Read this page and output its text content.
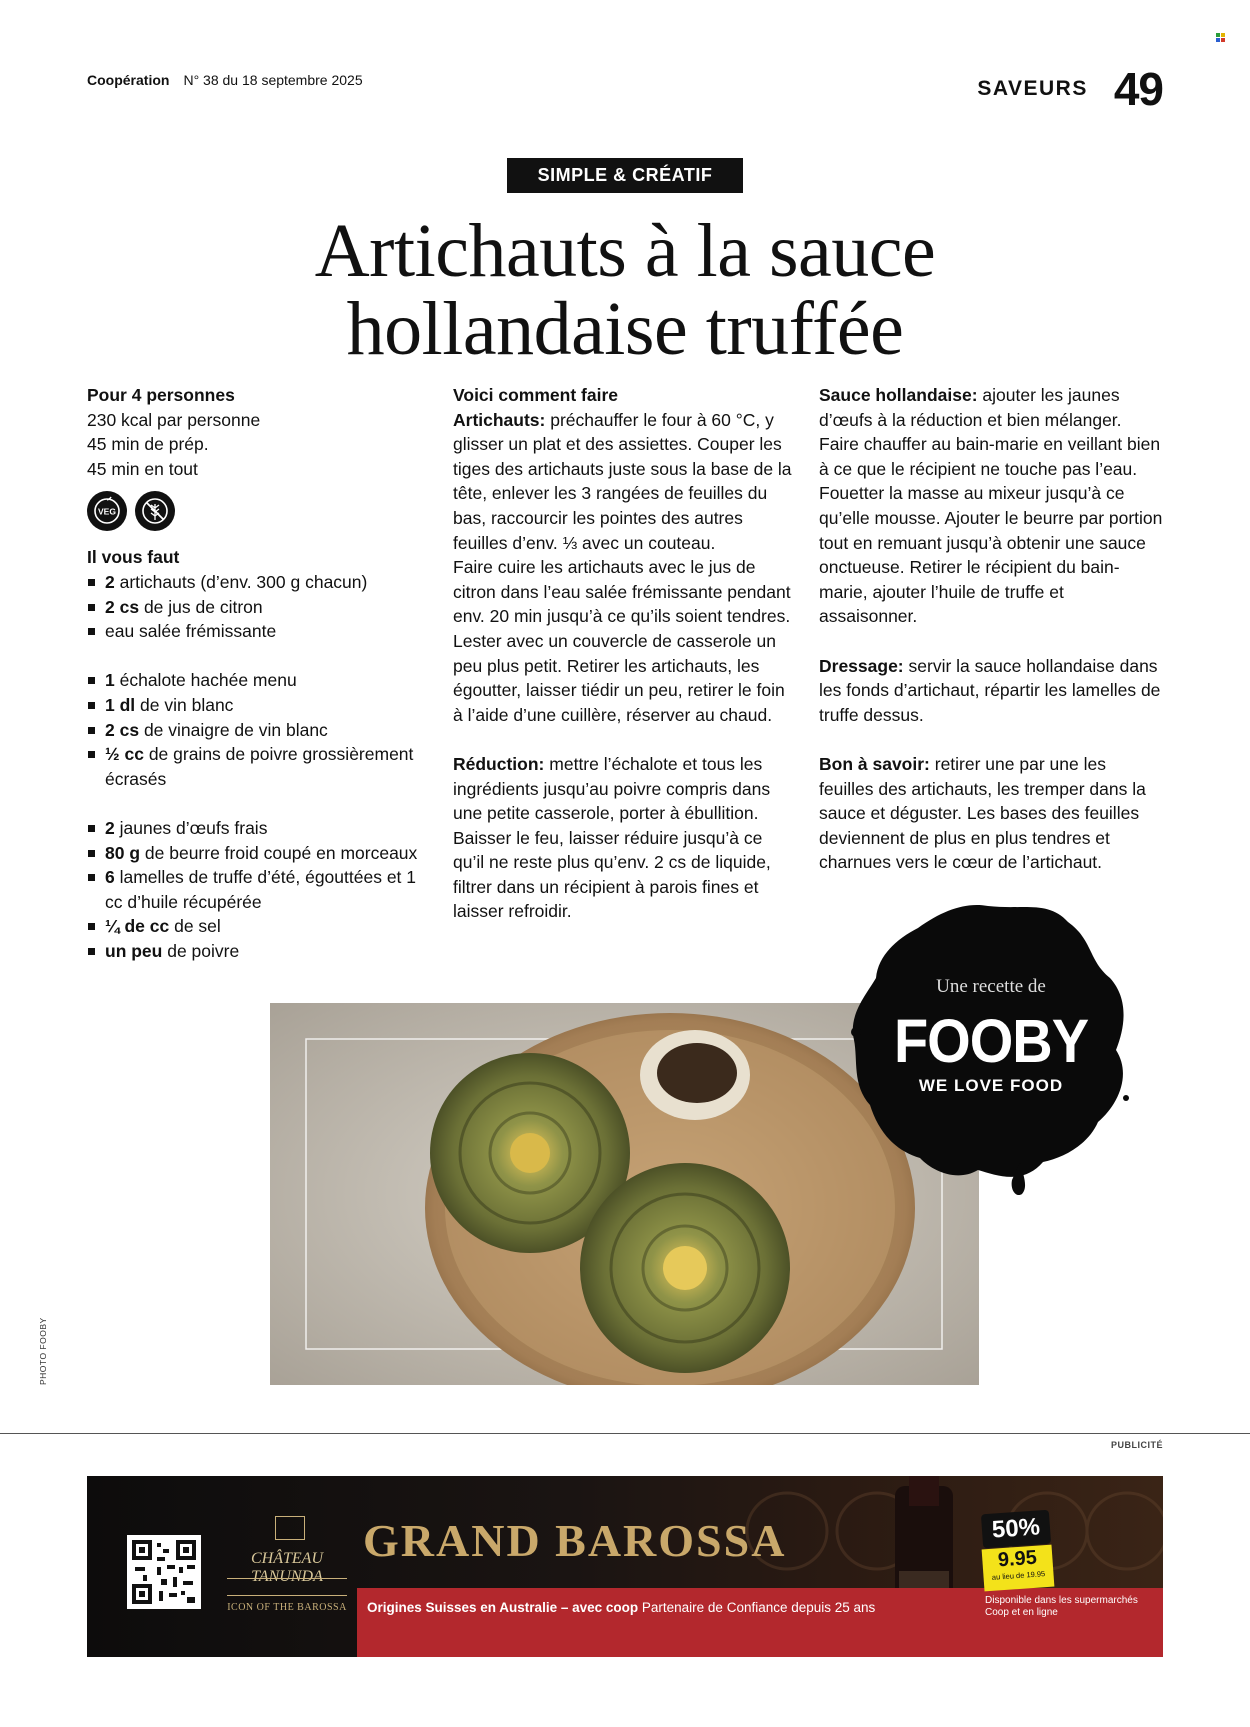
Coopération N° 38 du 18 septembre 2025	SAVEURS 49
SIMPLE & CRÉATIF
Artichauts à la sauce
hollandaise truffée

Pour 4 personnes

230 kcal par personne

45 min de prép.

45 min en tout

VEG

Il vous faut

2 artichauts (d’env. 300 g chacun)
2 cs de jus de citron
eau salée frémissante
1 échalote hachée menu
1 dl de vin blanc
2 cs de vinaigre de vin blanc
½ cc de grains de poivre grossièrement écrasés
2 jaunes d’œufs frais
80 g de beurre froid coupé en morceaux
6 lamelles de truffe d’été, égouttées et 1 cc d’huile récupérée
¼ de cc de sel
un peu de poivre

Voici comment faire

Artichauts: préchauffer le four à 60 °C, y glisser un plat et des assiettes. Couper les tiges des artichauts juste sous la base de la tête, enlever les 3 rangées de feuilles du bas, raccourcir les pointes des autres feuilles d’env. ⅓ avec un couteau.

Faire cuire les artichauts avec le jus de citron dans l’eau salée frémissante pendant env. 20 min jusqu’à ce qu’ils soient tendres. Lester avec un couvercle de casserole un peu plus petit. Retirer les artichauts, les égoutter, laisser tiédir un peu, retirer le foin à l’aide d’une cuillère, réserver au chaud.

Réduction: mettre l’échalote et tous les ingrédients jusqu’au poivre compris dans une petite casserole, porter à ébullition. Baisser le feu, laisser réduire jusqu’à ce qu’il ne reste plus qu’env. 2 cs de liquide, filtrer dans un récipient à parois fines et laisser refroidir.

Sauce hollandaise: ajouter les jaunes d’œufs à la réduction et bien mélanger. Faire chauffer au bain-marie en veillant bien à ce que le récipient ne touche pas l’eau. Fouetter la masse au mixeur jusqu’à ce qu’elle mousse. Ajouter le beurre par portion tout en remuant jusqu’à obtenir une sauce onctueuse. Retirer le récipient du bain-marie, ajouter l’huile de truffe et assaisonner.

Dressage: servir la sauce hollandaise dans les fonds d’artichaut, répartir les lamelles de truffe dessus.

Bon à savoir: retirer une par une les feuilles des artichauts, les tremper dans la sauce et déguster. Les bases des feuilles deviennent de plus en plus tendres et charnues vers le cœur de l’artichaut.

PHOTO FOOBY
Une recette de
FOOBY
WE LOVE FOOD
PUBLICITÉ
CHÂTEAU TANUNDA
ICON OF THE BAROSSA
GRAND BAROSSA
Origines Suisses en Australie – avec coop Partenaire de Confiance depuis 25 ans
50%
9.95
au lieu de 19.95
Disponible dans les supermarchés Coop et en ligne
